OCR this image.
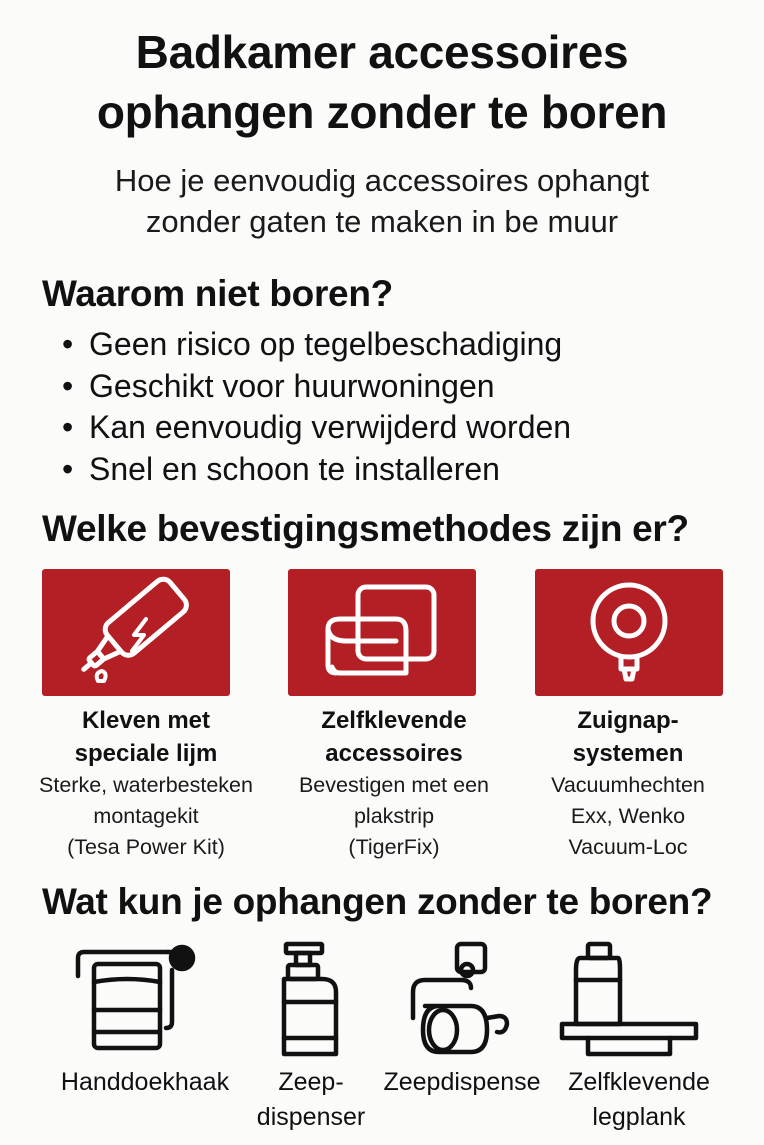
Badkamer accessoires
ophangen zonder te boren
Hoe je eenvoudig accessoires ophangt
zonder gaten te maken in be muur
Waarom niet boren?
• Geen risico op tegelbeschadiging
• Geschikt voor huurwoningen
• Kan eenvoudig verwijderd worden
• Snel en schoon te installeren
Welke bevestigingsmethodes zijn er?
Kleven met
speciale lijm
Sterke, waterbesteken
montagekit
(Tesa Power Kit)
Zelfklevende
accessoires
Bevestigen met een
plakstrip
(TigerFix)
Zuignap-
systemen
Vacuumhechten
Exx, Wenko
Vacuum-Loc
Wat kun je ophangen zonder te boren?
Handdoekhaak	Zeep-
dispenser
Zeepdispense	Zelfklevende
legplank
